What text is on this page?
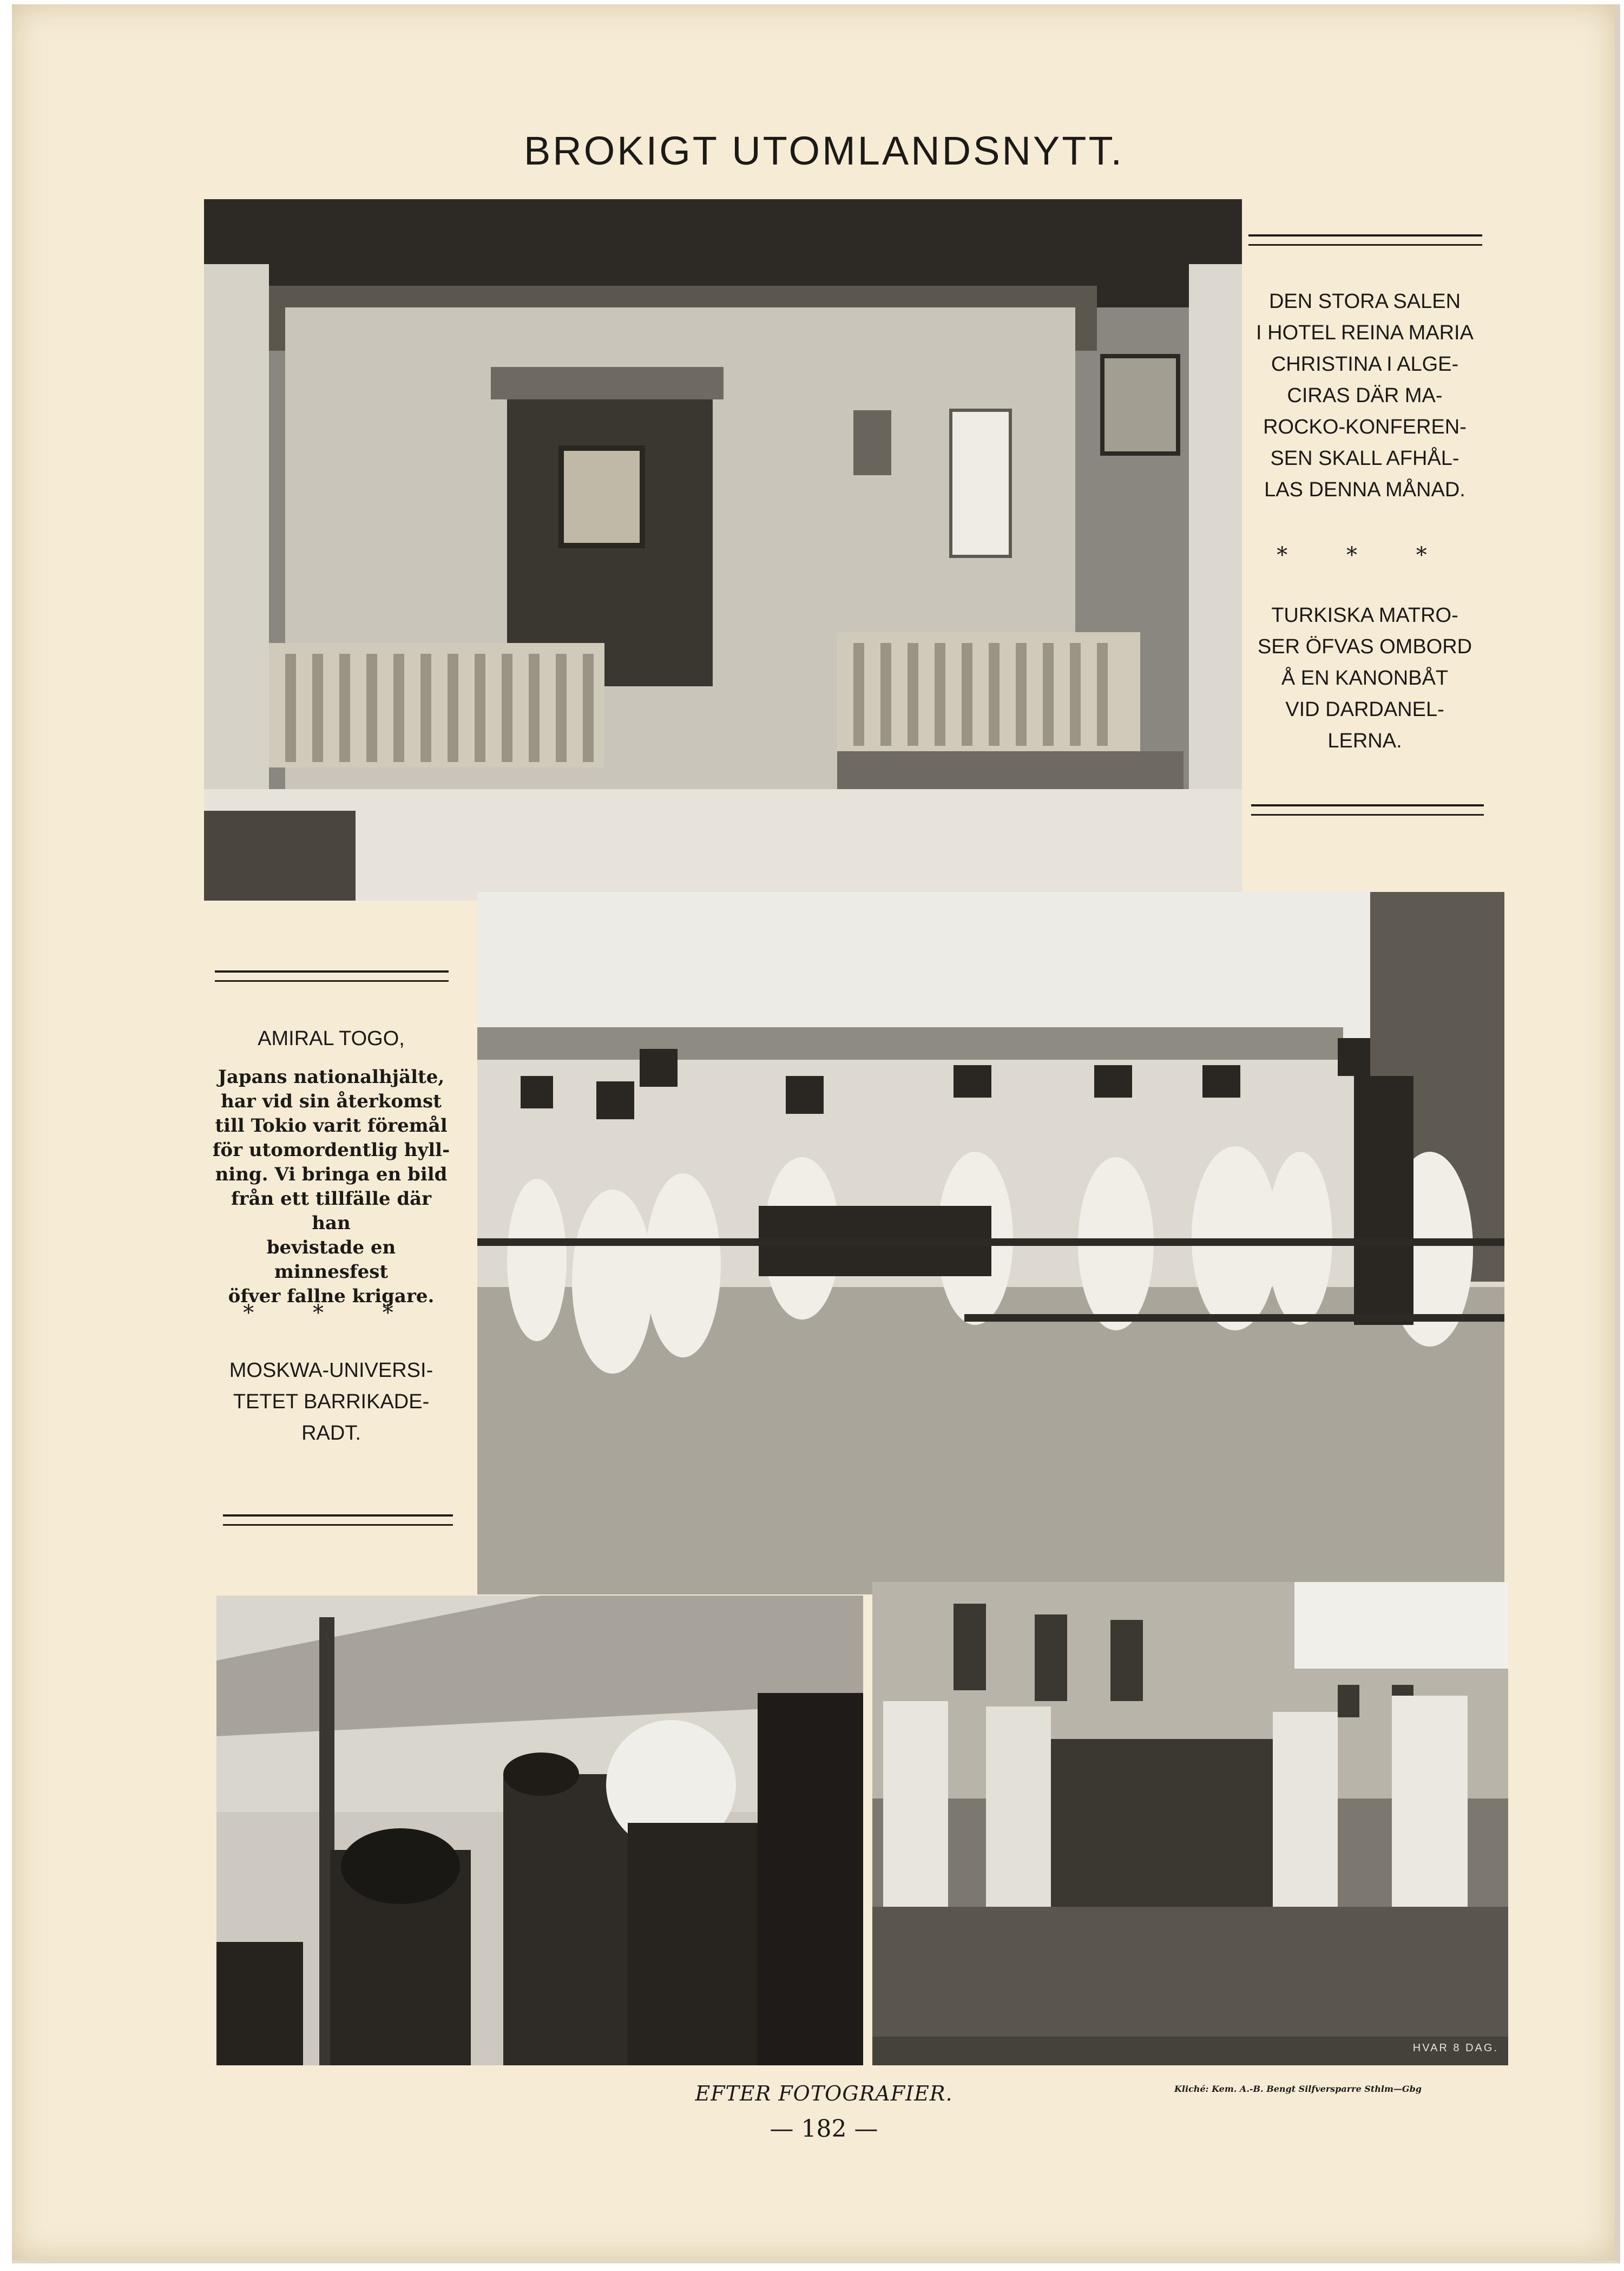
BROKIGT UTOMLANDSNYTT.
DEN STORA SALEN
I HOTEL REINA MARIA
CHRISTINA I ALGE-
CIRAS DÄR MA-
ROCKO-KONFEREN-
SEN SKALL AFHÅL-
LAS DENNA MÅNAD.
* * *
TURKISKA MATRO-
SER ÖFVAS OMBORD
Å EN KANONBÅT
VID DARDANEL-
LERNA.
AMIRAL TOGO,
Japans nationalhjälte,
har vid sin återkomst
till Tokio varit föremål
för utomordentlig hyll-
ning. Vi bringa en bild
från ett tillfälle där han
bevistade en minnesfest
öfver fallne krigare.
* * *
MOSKWA-UNIVERSI-
TETET BARRIKADE-
RADT.
HVAR 8 DAG.
EFTER FOTOGRAFIER.	Kliché: Kem. A.-B. Bengt Silfversparre Sthlm—Gbg
— 182 —
